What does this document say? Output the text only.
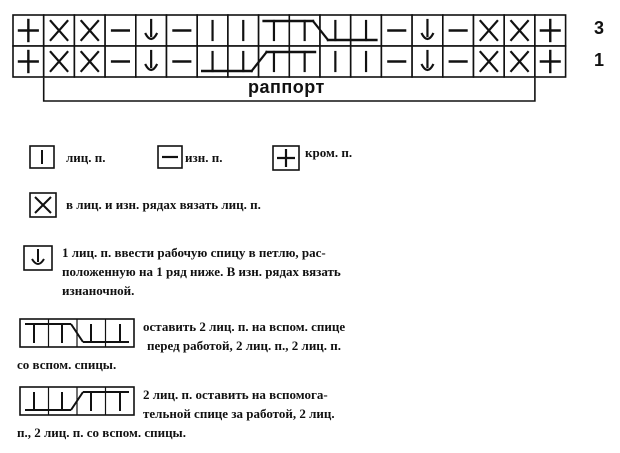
3
1
раппорт
лиц. п.	изн. п.	кром. п.
в лиц. и изн. рядах вязать лиц. п.
1 лиц. п. ввести рабочую спицу в петлю, рас-
положенную на 1 ряд ниже. В изн. рядах вязать
изнаночной.
оставить 2 лиц. п. на вспом. спице
перед работой, 2 лиц. п., 2 лиц. п.
со вспом. спицы.
2 лиц. п. оставить на вспомога-
тельной спице за работой, 2 лиц.
п., 2 лиц. п. со вспом. спицы.
